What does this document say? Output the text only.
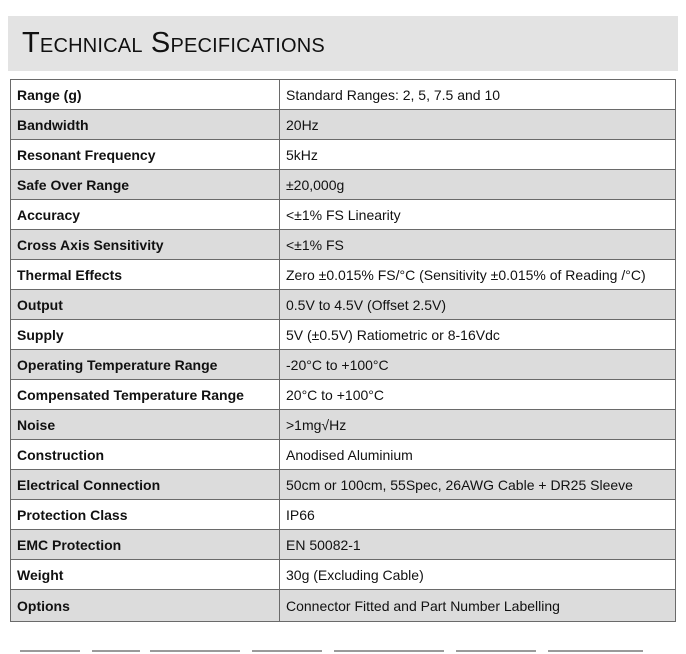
Technical Specifications
Range (g)	Standard Ranges: 2, 5, 7.5 and 10
Bandwidth	20Hz
Resonant Frequency	5kHz
Safe Over Range	±20,000g
Accuracy	<±1% FS Linearity
Cross Axis Sensitivity	<±1% FS
Thermal Effects	Zero ±0.015% FS/°C (Sensitivity ±0.015% of Reading /°C)
Output	0.5V to 4.5V (Offset 2.5V)
Supply	5V (±0.5V) Ratiometric or 8-16Vdc
Operating Temperature Range	-20°C to +100°C
Compensated Temperature Range	20°C to +100°C
Noise	>1mg√Hz
Construction	Anodised Aluminium
Electrical Connection	50cm or 100cm, 55Spec, 26AWG Cable + DR25 Sleeve
Protection Class	IP66
EMC Protection	EN 50082-1
Weight	30g (Excluding Cable)
Options	Connector Fitted and Part Number Labelling
